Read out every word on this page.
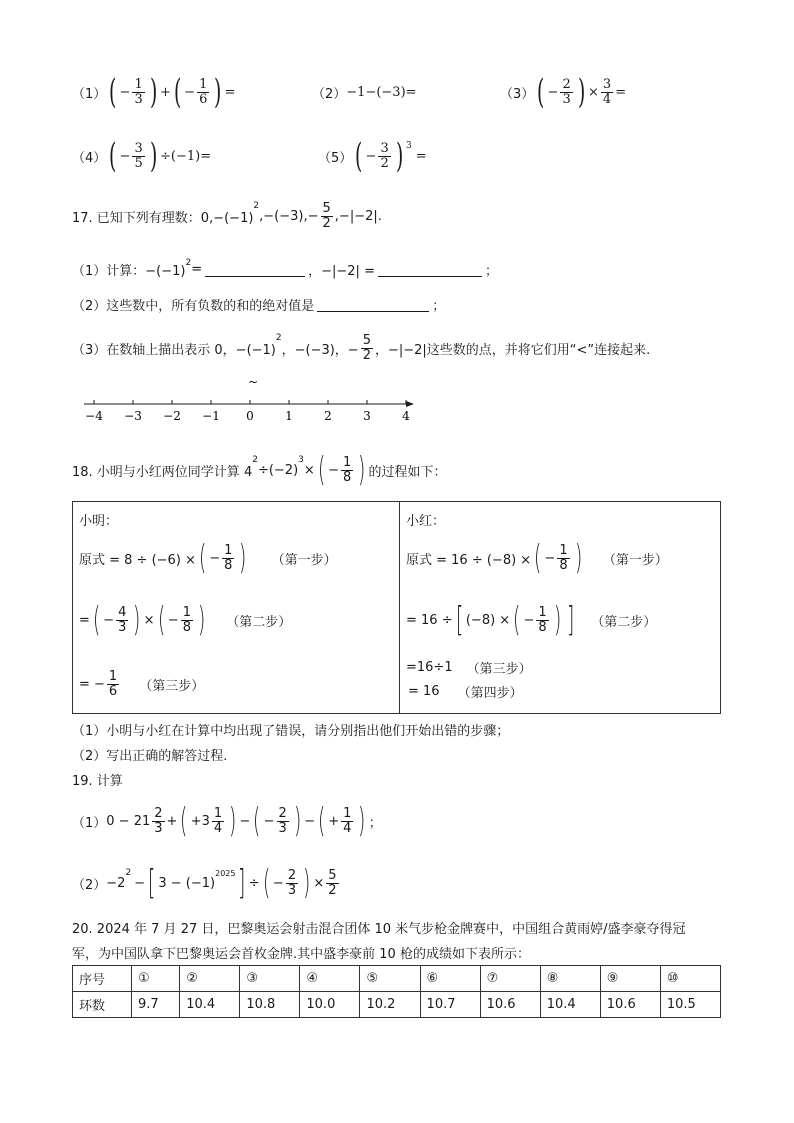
（1） ( − $\frac{1}{3}$ ) + ( − $\frac{1}{6}$ ) =	（2） −1−(−3)=	（3） ( − $\frac{2}{3}$ ) × $\frac{3}{4}$ =
（4） ( − $\frac{3}{5}$ ) ÷(−1)=	（5） ( − $\frac{3}{2}$ ) 3
=
17. 已知下列有理数：0,−(−1)
2
$,-(-3),- \frac{5}{2} ,-|-2|$.
（1）计算：−(−1)
2 =	，−|−2| =	；
（2）这些数中，所有负数的和的绝对值是	；
（3）在数轴上描出表示 0，−(−1)
2
，−(−3)，− $\frac{5}{2}$ ，−|−2|这些数的点，并将它们用“<”连接起来.
~
−4 −3 −2 −1 0	1	2	3	4
18. 小明与小红两位同学计算 4
2
÷(−2)
3
× ( − $\frac{1}{8}$ ) 的过程如下：
小明：
原式 = 8 ÷ (−6) × ( − $\frac{1}{8}$ ) （第一步）
= ( − $\frac{4}{3}$ ) × ( − $\frac{1}{8}$ ) （第二步）
= − $\frac{1}{6}$ （第三步）

小红：
原式 = 16 ÷ (−8) × ( − $\frac{1}{8}$ ) （第一步）
= 16 ÷ [ (−8) × ( − $\frac{1}{8}$ ) ] （第二步）
=16÷1 （第三步）
= 16 （第四步）
（1）小明与小红在计算中均出现了错误，请分别指出他们开始出错的步骤；
（2）写出正确的解答过程.
19. 计算
（1） $0 - 21 \frac{2}{3}$ + ( $+3 \frac{1}{4}$ ) − ( − $\frac{2}{3}$ ) − ( + $\frac{1}{4}$ ) ；
（2） −2
2
− [ 3 − (−1)
2025 ] ÷ ( − $\frac{2}{3}$ ) × $\frac{5}{2}$
20. 2024 年 7 月 27 日，巴黎奥运会射击混合团体 10 米气步枪金牌赛中，中国组合黄雨婷/盛李豪夺得冠
军，为中国队拿下巴黎奥运会首枚金牌.其中盛李豪前 10 枪的成绩如下表所示：
序号	①	②	③	④	⑤	⑥	⑦	⑧	⑨	⑩
环数	9.7	10.4	10.8	10.0	10.2	10.7	10.6	10.4	10.6	10.5
